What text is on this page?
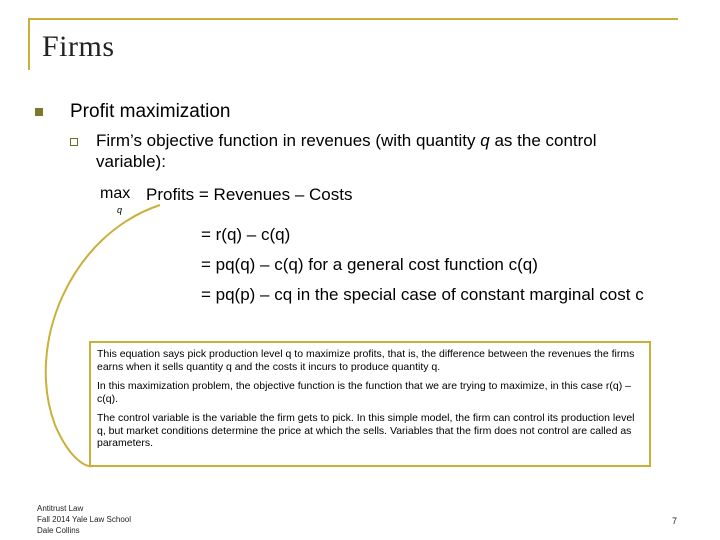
Firms
Profit maximization
Firm’s objective function in revenues (with quantity q as the control variable):
max
q
Profits = Revenues – Costs
= r(q) – c(q)
= pq(q) – c(q) for a general cost function c(q)
= pq(p) – cq in the special case of constant marginal cost c

This equation says pick production level q to maximize profits, that is, the difference between the revenues the firms earns when it sells quantity q and the costs it incurs to produce quantity q.

In this maximization problem, the objective function is the function that we are trying to maximize, in this case r(q) – c(q).

The control variable is the variable the firm gets to pick. In this simple model, the firm can control its production level q, but market conditions determine the price at which the sells. Variables that the firm does not control are called as parameters.

Antitrust Law
Fall 2014 Yale Law School
Dale Collins
7
